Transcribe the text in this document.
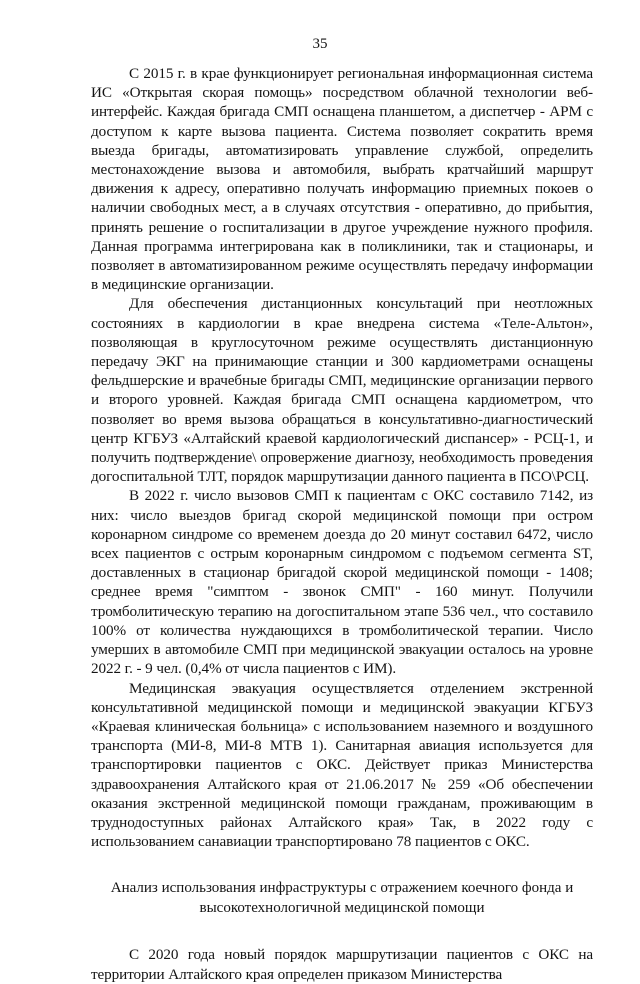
35

С 2015 г. в крае функционирует региональная информационная система ИС «Открытая скорая помощь» посредством облачной технологии веб-интерфейс. Каждая бригада СМП оснащена планшетом, а диспетчер - АРМ с доступом к карте вызова пациента. Система позволяет сократить время выезда бригады, автоматизировать управление службой, определить местонахождение вызова и автомобиля, выбрать кратчайший маршрут движения к адресу, оперативно получать информацию приемных покоев о наличии свободных мест, а в случаях отсутствия - оперативно, до прибытия, принять решение о госпитализации в другое учреждение нужного профиля. Данная программа интегрирована как в поликлиники, так и стационары, и позволяет в автоматизированном режиме осуществлять передачу информации в медицинские организации.

Для обеспечения дистанционных консультаций при неотложных состояниях в кардиологии в крае внедрена система «Теле-Альтон», позволяющая в круглосуточном режиме осуществлять дистанционную передачу ЭКГ на принимающие станции и 300 кардиометрами оснащены фельдшерские и врачебные бригады СМП, медицинские организации первого и второго уровней. Каждая бригада СМП оснащена кардиометром, что позволяет во время вызова обращаться в консультативно-диагностический центр КГБУЗ «Алтайский краевой кардиологический диспансер» - РСЦ-1, и получить подтверждение\ опровержение диагнозу, необходимость проведения догоспитальной ТЛТ, порядок маршрутизации данного пациента в ПСО\РСЦ.

В 2022 г. число вызовов СМП к пациентам с ОКС составило 7142, из них: число выездов бригад скорой медицинской помощи при остром коронарном синдроме со временем доезда до 20 минут составил 6472, число всех пациентов с острым коронарным синдромом с подъемом сегмента ST, доставленных в стационар бригадой скорой медицинской помощи - 1408; среднее время "симптом - звонок СМП" - 160 минут. Получили тромболитическую терапию на догоспитальном этапе 536 чел., что составило 100% от количества нуждающихся в тромболитической терапии. Число умерших в автомобиле СМП при медицинской эвакуации осталось на уровне 2022 г. - 9 чел. (0,4% от числа пациентов с ИМ).

Медицинская эвакуация осуществляется отделением экстренной консультативной медицинской помощи и медицинской эвакуации КГБУЗ «Краевая клиническая больница» с использованием наземного и воздушного транспорта (МИ-8, МИ-8 МТВ 1). Санитарная авиация используется для транспортировки пациентов с ОКС. Действует приказ Министерства здравоохранения Алтайского края от 21.06.2017 № 259 «Об обеспечении оказания экстренной медицинской помощи гражданам, проживающим в труднодоступных районах Алтайского края» Так, в 2022 году с использованием санавиации транспортировано 78 пациентов с ОКС.

Анализ использования инфраструктуры с отражением коечного фонда и
высокотехнологичной медицинской помощи

С 2020 года новый порядок маршрутизации пациентов с ОКС на территории Алтайского края определен приказом Министерства
